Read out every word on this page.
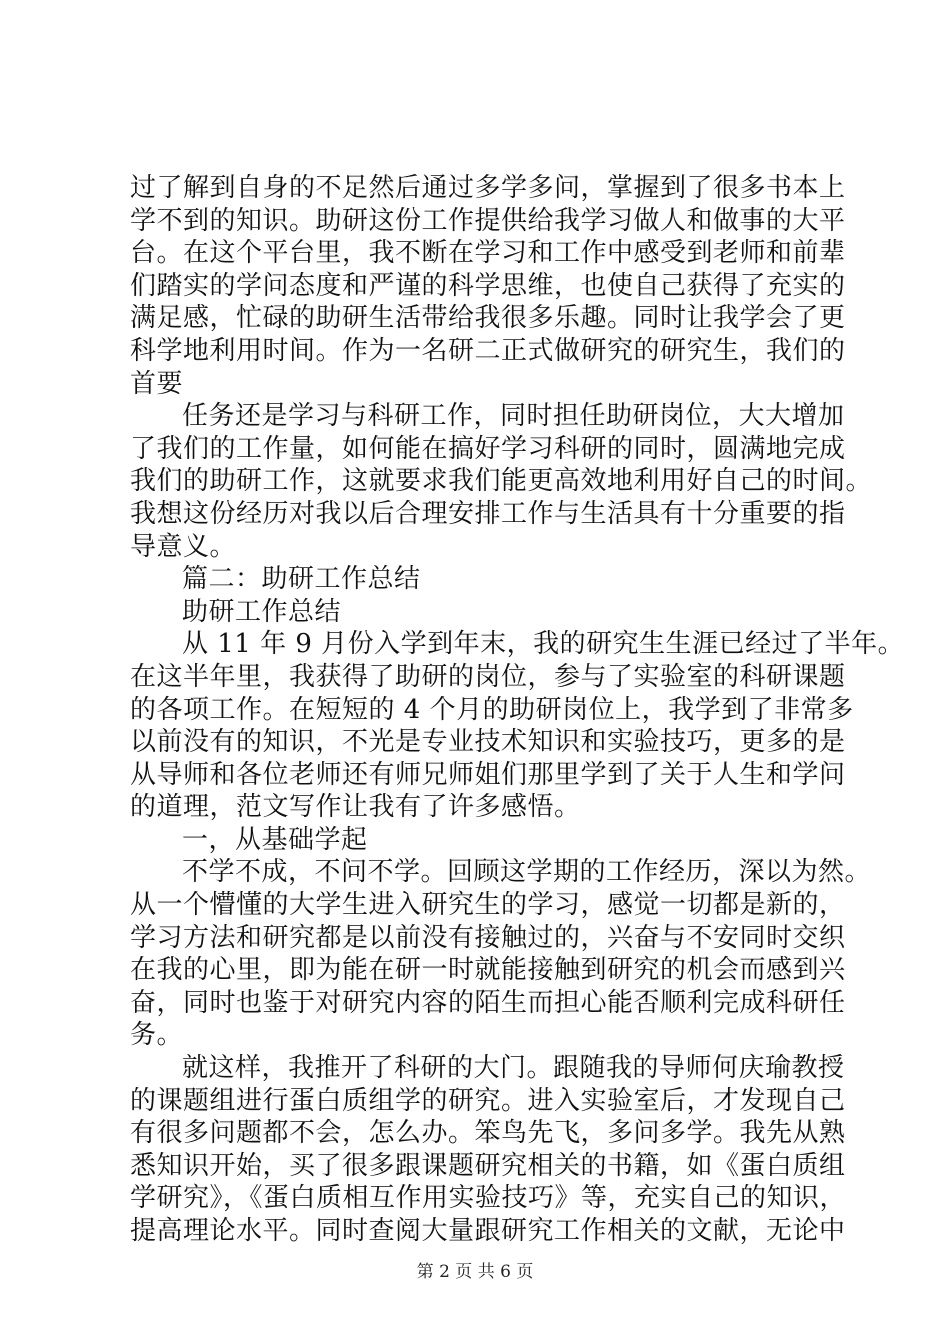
过了解到自身的不足然后通过多学多问，掌握到了很多书本上
学不到的知识。助研这份工作提供给我学习做人和做事的大平
台。在这个平台里，我不断在学习和工作中感受到老师和前辈
们踏实的学问态度和严谨的科学思维，也使自己获得了充实的
满足感，忙碌的助研生活带给我很多乐趣。同时让我学会了更
科学地利用时间。作为一名研二正式做研究的研究生，我们的
首要
任务还是学习与科研工作，同时担任助研岗位，大大增加
了我们的工作量，如何能在搞好学习科研的同时，圆满地完成
我们的助研工作，这就要求我们能更高效地利用好自己的时间。
我想这份经历对我以后合理安排工作与生活具有十分重要的指
导意义。
篇二：助研工作总结
助研工作总结
从 11 年 9 月份入学到年末，我的研究生生涯已经过了半年。
在这半年里，我获得了助研的岗位，参与了实验室的科研课题
的各项工作。在短短的 4 个月的助研岗位上，我学到了非常多
以前没有的知识，不光是专业技术知识和实验技巧，更多的是
从导师和各位老师还有师兄师姐们那里学到了关于人生和学问
的道理，范文写作让我有了许多感悟。
一，从基础学起
不学不成，不问不学。回顾这学期的工作经历，深以为然。
从一个懵懂的大学生进入研究生的学习，感觉一切都是新的，
学习方法和研究都是以前没有接触过的，兴奋与不安同时交织
在我的心里，即为能在研一时就能接触到研究的机会而感到兴
奋，同时也鉴于对研究内容的陌生而担心能否顺利完成科研任
务。
就这样，我推开了科研的大门。跟随我的导师何庆瑜教授
的课题组进行蛋白质组学的研究。进入实验室后，才发现自己
有很多问题都不会，怎么办。笨鸟先飞，多问多学。我先从熟
悉知识开始，买了很多跟课题研究相关的书籍，如《蛋白质组
学研究》，《蛋白质相互作用实验技巧》等，充实自己的知识，
提高理论水平。同时查阅大量跟研究工作相关的文献，无论中
第 2 页 共 6 页
